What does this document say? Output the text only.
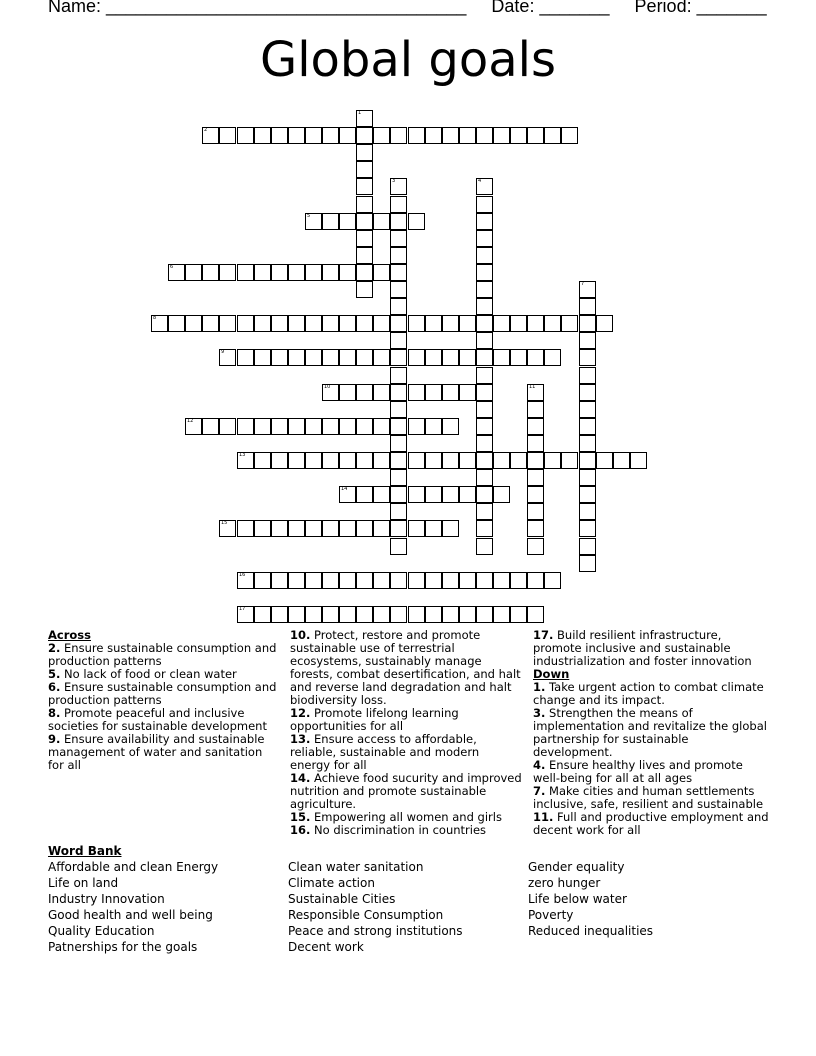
Name: ____________________________________ Date: _______ Period: _______
Global goals
1
2
3	4
5
6
7
8
9
10	11
12
13
14
15
16
17
Across
2. Ensure sustainable consumption and production patterns
5. No lack of food or clean water
6. Ensure sustainable consumption and production patterns
8. Promote peaceful and inclusive societies for sustainable development
9. Ensure availability and sustainable management of water and sanitation for all
10. Protect, restore and promote sustainable use of terrestrial ecosystems, sustainably manage forests, combat desertification, and halt and reverse land degradation and halt biodiversity loss.
12. Promote lifelong learning opportunities for all
13. Ensure access to affordable, reliable, sustainable and modern energy for all
14. Achieve food sucurity and improved nutrition and promote sustainable agriculture.
15. Empowering all women and girls
16. No discrimination in countries
17. Build resilient infrastructure, promote inclusive and sustainable industrialization and foster innovation
Down
1. Take urgent action to combat climate change and its impact.
3. Strengthen the means of implementation and revitalize the global partnership for sustainable development.
4. Ensure healthy lives and promote well-being for all at all ages
7. Make cities and human settlements inclusive, safe, resilient and sustainable
11. Full and productive employment and decent work for all
Word Bank
Affordable and clean Energy
Life on land
Industry Innovation
Good health and well being
Quality Education
Patnerships for the goals
Clean water sanitation
Climate action
Sustainable Cities
Responsible Consumption
Peace and strong institutions
Decent work
Gender equality
zero hunger
Life below water
Poverty
Reduced inequalities
